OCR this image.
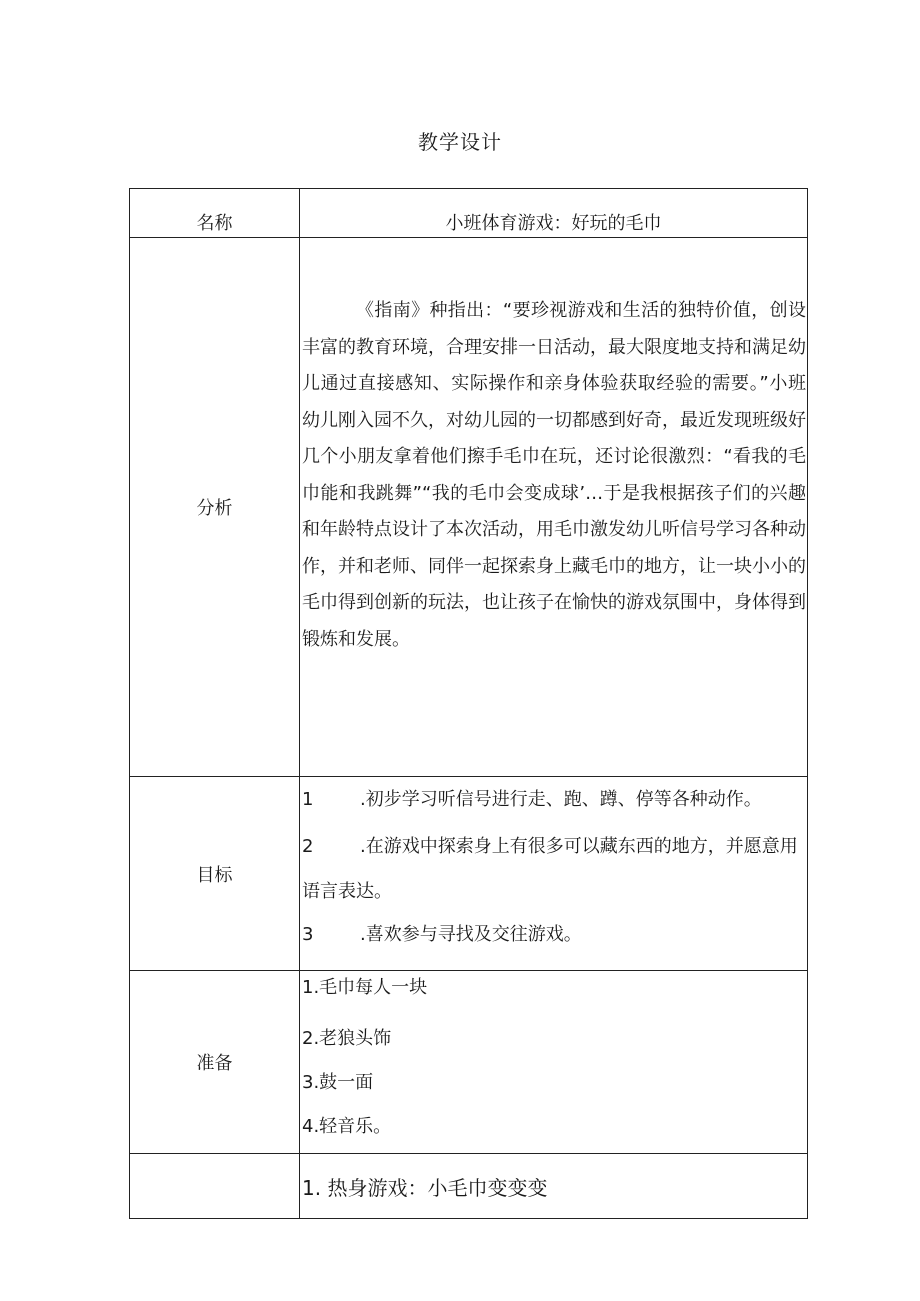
教学设计
名称	小班体育游戏：好玩的毛巾
分析	《指南》种指出：“要珍视游戏和生活的独特价值，创设丰富的教育环境，合理安排一日活动，最大限度地支持和满足幼儿通过直接感知、实际操作和亲身体验获取经验的需要。”小班幼儿刚入园不久，对幼儿园的一切都感到好奇，最近发现班级好几个小朋友拿着他们擦手毛巾在玩，还讨论很激烈：“看我的毛巾能和我跳舞”“我的毛巾会变成球’…于是我根据孩子们的兴趣和年龄特点设计了本次活动，用毛巾激发幼儿听信号学习各种动作，并和老师、同伴一起探索身上藏毛巾的地方，让一块小小的毛巾得到创新的玩法，也让孩子在愉快的游戏氛围中，身体得到锻炼和发展。

目标	1 .初步学习听信号进行走、跑、蹲、停等各种动作。
2 .在游戏中探索身上有很多可以藏东西的地方，并愿意用语言表达。
3 .喜欢参与寻找及交往游戏。

准备	1.毛巾每人一块
2.老狼头饰
3.鼓一面
4.轻音乐。

	1. 热身游戏：小毛巾变变变
